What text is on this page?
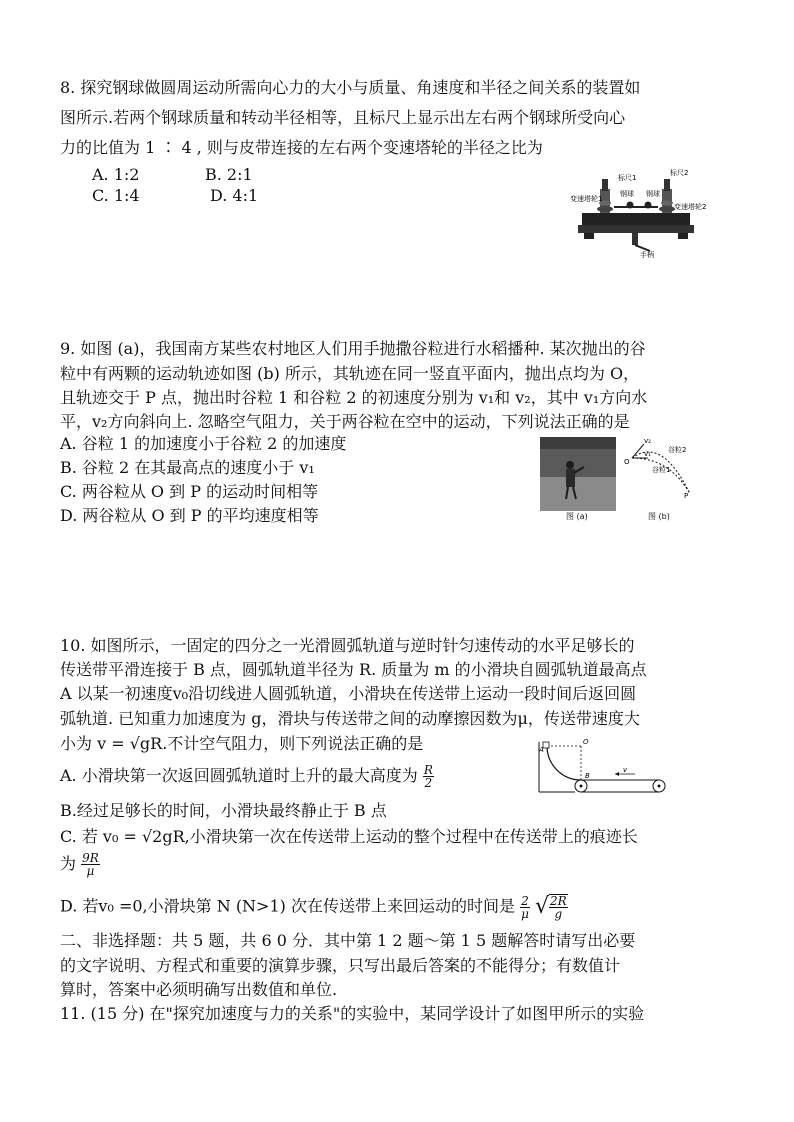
8. 探究钢球做圆周运动所需向心力的大小与质量、角速度和半径之间关系的装置如
图所示.若两个钢球质量和转动半径相等，且标尺上显示出左右两个钢球所受向心
力的比值为 1 ∶ 4 , 则与皮带连接的左右两个变速塔轮的半径之比为
A. 1:2	B. 2:1
C. 1:4	D. 4:1
标尺1
标尺2
钢球 钢球
变速塔轮1
变速塔轮2
手柄
9. 如图 (a)，我国南方某些农村地区人们用手抛撒谷粒进行水稻播种. 某次抛出的谷
粒中有两颗的运动轨迹如图 (b) 所示，其轨迹在同一竖直平面内，抛出点均为 O，
且轨迹交于 P 点，抛出时谷粒 1 和谷粒 2 的初速度分别为 v₁和 v₂，其中 v₁方向水
平，v₂方向斜向上. 忽略空气阻力，关于两谷粒在空中的运动，下列说法正确的是
A. 谷粒 1 的加速度小于谷粒 2 的加速度
B. 谷粒 2 在其最高点的速度小于 v₁
C. 两谷粒从 O 到 P 的运动时间相等
D. 两谷粒从 O 到 P 的平均速度相等	图 (a)
O
v₂
v₁ 谷粒2
谷粒1
P
图 (b)
10. 如图所示，一固定的四分之一光滑圆弧轨道与逆时针匀速传动的水平足够长的
传送带平滑连接于 B 点，圆弧轨道半径为 R. 质量为 m 的小滑块自圆弧轨道最高点
A 以某一初速度v₀沿切线进人圆弧轨道，小滑块在传送带上运动一段时间后返回圆
弧轨道. 已知重力加速度为 g，滑块与传送带之间的动摩擦因数为μ，传送带速度大
小为 v = √gR.不计空气阻力，则下列说法正确的是
A. 小滑块第一次返回圆弧轨道时上升的最大高度为 $\frac{R}{2}$
B.经过足够长的时间，小滑块最终静止于 B 点
C. 若 v₀ = √2gR,小滑块第一次在传送带上运动的整个过程中在传送带上的痕迹长
为 $\frac{9R}{\mu}$
D. 若v₀ =0,小滑块第 N (N>1) 次在传送带上来回运动的时间是 $\frac{2}{\mu}$ √ $\frac{2R}{g}$
A
O
B
v
二、非选择题：共 5 题，共 6 0 分．其中第 1 2 题～第 1 5 题解答时请写出必要
的文字说明、方程式和重要的演算步骤，只写出最后答案的不能得分；有数值计
算时，答案中必须明确写出数值和单位.
11. (15 分) 在"探究加速度与力的关系"的实验中，某同学设计了如图甲所示的实验
